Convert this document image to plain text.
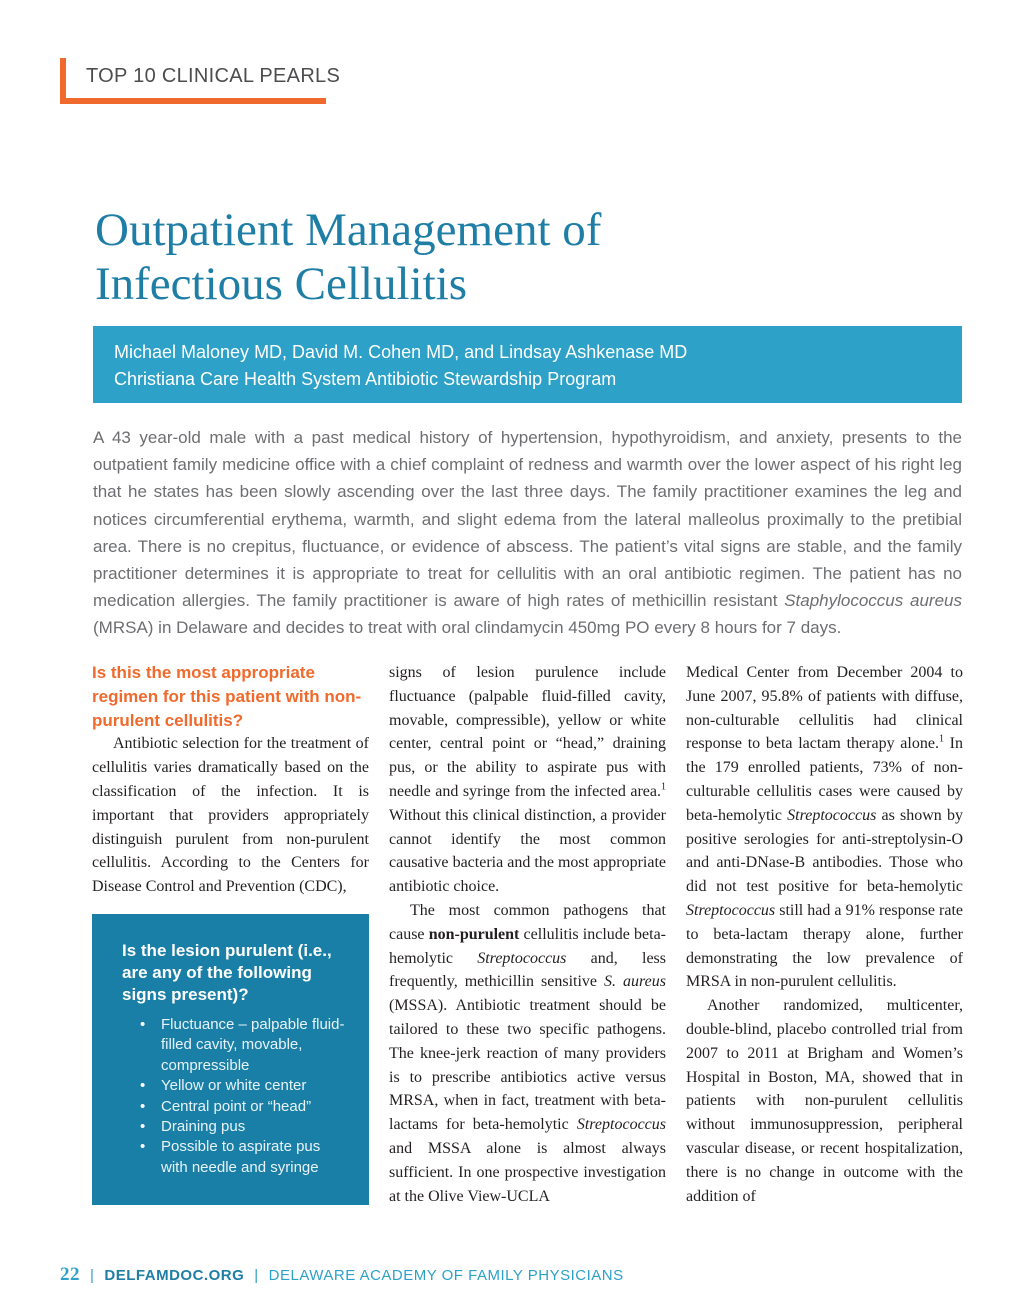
TOP 10 CLINICAL PEARLS
Outpatient Management of
Infectious Cellulitis
Michael Maloney MD, David M. Cohen MD, and Lindsay Ashkenase MD
Christiana Care Health System Antibiotic Stewardship Program

A 43 year-old male with a past medical history of hypertension, hypothyroidism, and anxiety, presents to the outpatient family medicine office with a chief complaint of redness and warmth over the lower aspect of his right leg that he states has been slowly ascending over the last three days. The family practitioner examines the leg and notices circumferential erythema, warmth, and slight edema from the lateral malleolus proximally to the pretibial area. There is no crepitus, fluctuance, or evidence of abscess. The patient’s vital signs are stable, and the family practitioner determines it is appropriate to treat for cellulitis with an oral antibiotic regimen. The patient has no medication allergies. The family practitioner is aware of high rates of methicillin resistant Staphylococcus aureus (MRSA) in Delaware and decides to treat with oral clindamycin 450mg PO every 8 hours for 7 days.

Is this the most appropriate regimen for this patient with non-purulent cellulitis?

Antibiotic selection for the treatment of cellulitis varies dramatically based on the classification of the infection. It is important that providers appropriately distinguish purulent from non-purulent cellulitis. According to the Centers for Disease Control and Prevention (CDC),

Is the lesion purulent (i.e., are any of the following signs present)?
• Fluctuance – palpable fluid-filled cavity, movable, compressible
• Yellow or white center
• Central point or “head”
• Draining pus
• Possible to aspirate pus with needle and syringe

signs of lesion purulence include fluctuance (palpable fluid-filled cavity, movable, compressible), yellow or white center, central point or “head,” draining pus, or the ability to aspirate pus with needle and syringe from the infected area.$^1$ Without this clinical distinction, a provider cannot identify the most common causative bacteria and the most appropriate antibiotic choice.

The most common pathogens that cause non-purulent cellulitis include beta-hemolytic Streptococcus and, less frequently, methicillin sensitive S. aureus (MSSA). Antibiotic treatment should be tailored to these two specific pathogens. The knee-jerk reaction of many providers is to prescribe antibiotics active versus MRSA, when in fact, treatment with beta-lactams for beta-hemolytic Streptococcus and MSSA alone is almost always sufficient. In one prospective investigation at the Olive View-UCLA

Medical Center from December 2004 to June 2007, 95.8% of patients with diffuse, non-culturable cellulitis had clinical response to beta lactam therapy alone.$^1$ In the 179 enrolled patients, 73% of non-culturable cellulitis cases were caused by beta-hemolytic Streptococcus as shown by positive serologies for anti-streptolysin-O and anti-DNase-B antibodies. Those who did not test positive for beta-hemolytic Streptococcus still had a 91% response rate to beta-lactam therapy alone, further demonstrating the low prevalence of MRSA in non-purulent cellulitis.

Another randomized, multicenter, double-blind, placebo controlled trial from 2007 to 2011 at Brigham and Women’s Hospital in Boston, MA, showed that in patients with non-purulent cellulitis without immunosuppression, peripheral vascular disease, or recent hospitalization, there is no change in outcome with the addition of

22 | DELFAMDOC.ORG | DELAWARE ACADEMY OF FAMILY PHYSICIANS
